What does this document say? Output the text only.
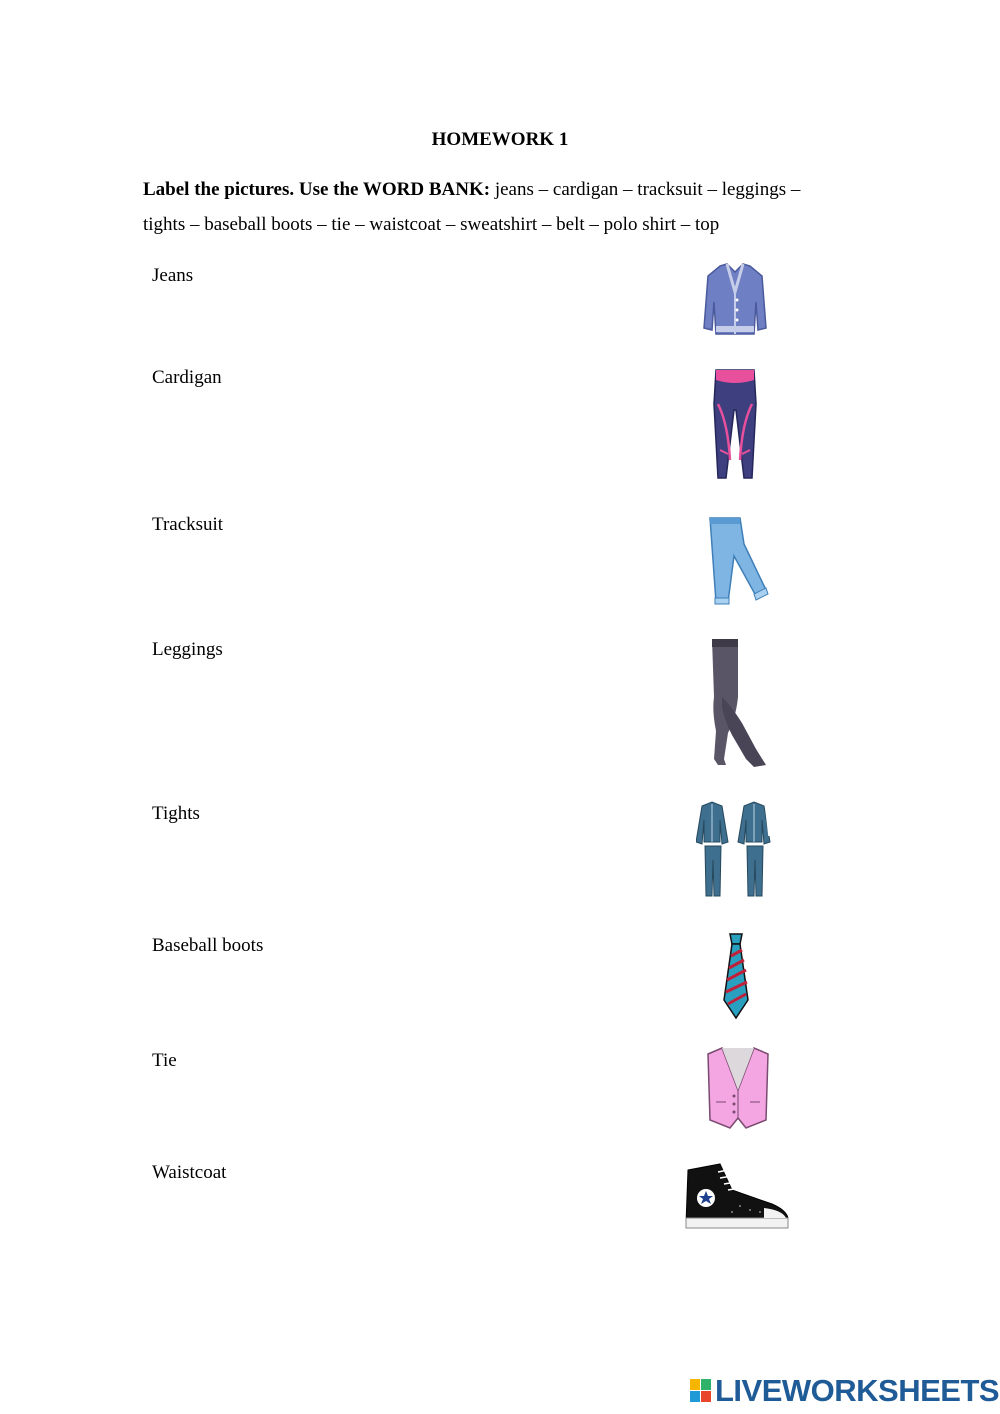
HOMEWORK 1
Label the pictures. Use the WORD BANK: jeans – cardigan – tracksuit – leggings –
tights – baseball boots – tie – waistcoat – sweatshirt – belt – polo shirt – top
Jeans
Cardigan
Tracksuit
Leggings
Tights
Baseball boots
Tie
Waistcoat
LIVEWORKSHEETS
